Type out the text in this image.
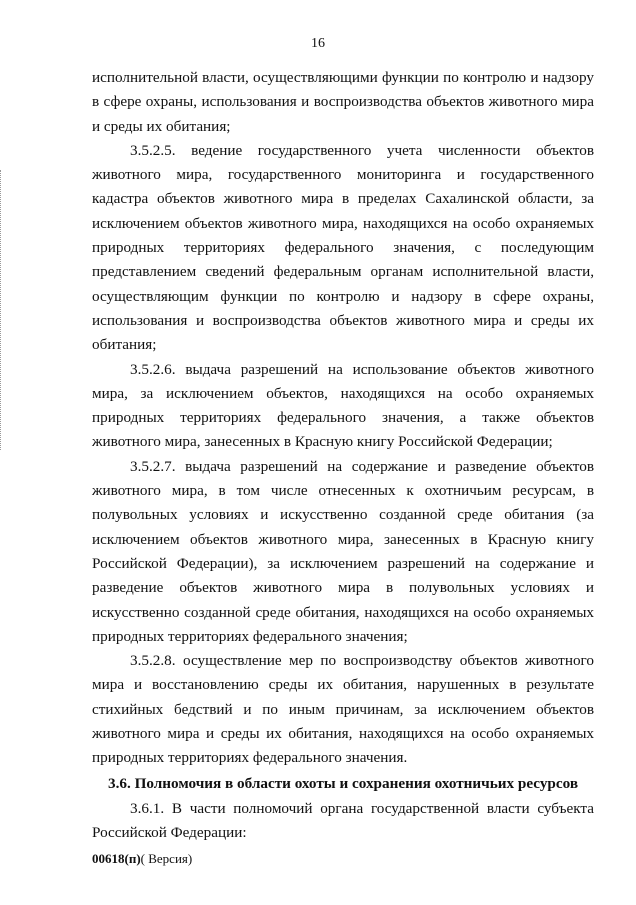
16

исполнительной власти, осуществляющими функции по контролю и надзору в сфере охраны, использования и воспроизводства объектов животного мира и среды их обитания;

3.5.2.5. ведение государственного учета численности объектов животного мира, государственного мониторинга и государственного кадастра объектов животного мира в пределах Сахалинской области, за исключением объектов животного мира, находящихся на особо охраняемых природных территориях федерального значения, с последующим представлением сведений федеральным органам исполнительной власти, осуществляющим функции по контролю и надзору в сфере охраны, использования и воспроизводства объектов животного мира и среды их обитания;

3.5.2.6. выдача разрешений на использование объектов животного мира, за исключением объектов, находящихся на особо охраняемых природных территориях федерального значения, а также объектов животного мира, занесенных в Красную книгу Российской Федерации;

3.5.2.7. выдача разрешений на содержание и разведение объектов животного мира, в том числе отнесенных к охотничьим ресурсам, в полувольных условиях и искусственно созданной среде обитания (за исключением объектов животного мира, занесенных в Красную книгу Российской Федерации), за исключением разрешений на содержание и разведение объектов животного мира в полувольных условиях и искусственно созданной среде обитания, находящихся на особо охраняемых природных территориях федерального значения;

3.5.2.8. осуществление мер по воспроизводству объектов животного мира и восстановлению среды их обитания, нарушенных в результате стихийных бедствий и по иным причинам, за исключением объектов животного мира и среды их обитания, находящихся на особо охраняемых природных территориях федерального значения.

3.6. Полномочия в области охоты и сохранения охотничьих ресурсов

3.6.1. В части полномочий органа государственной власти субъекта Российской Федерации:

00618(п)( Версия)
